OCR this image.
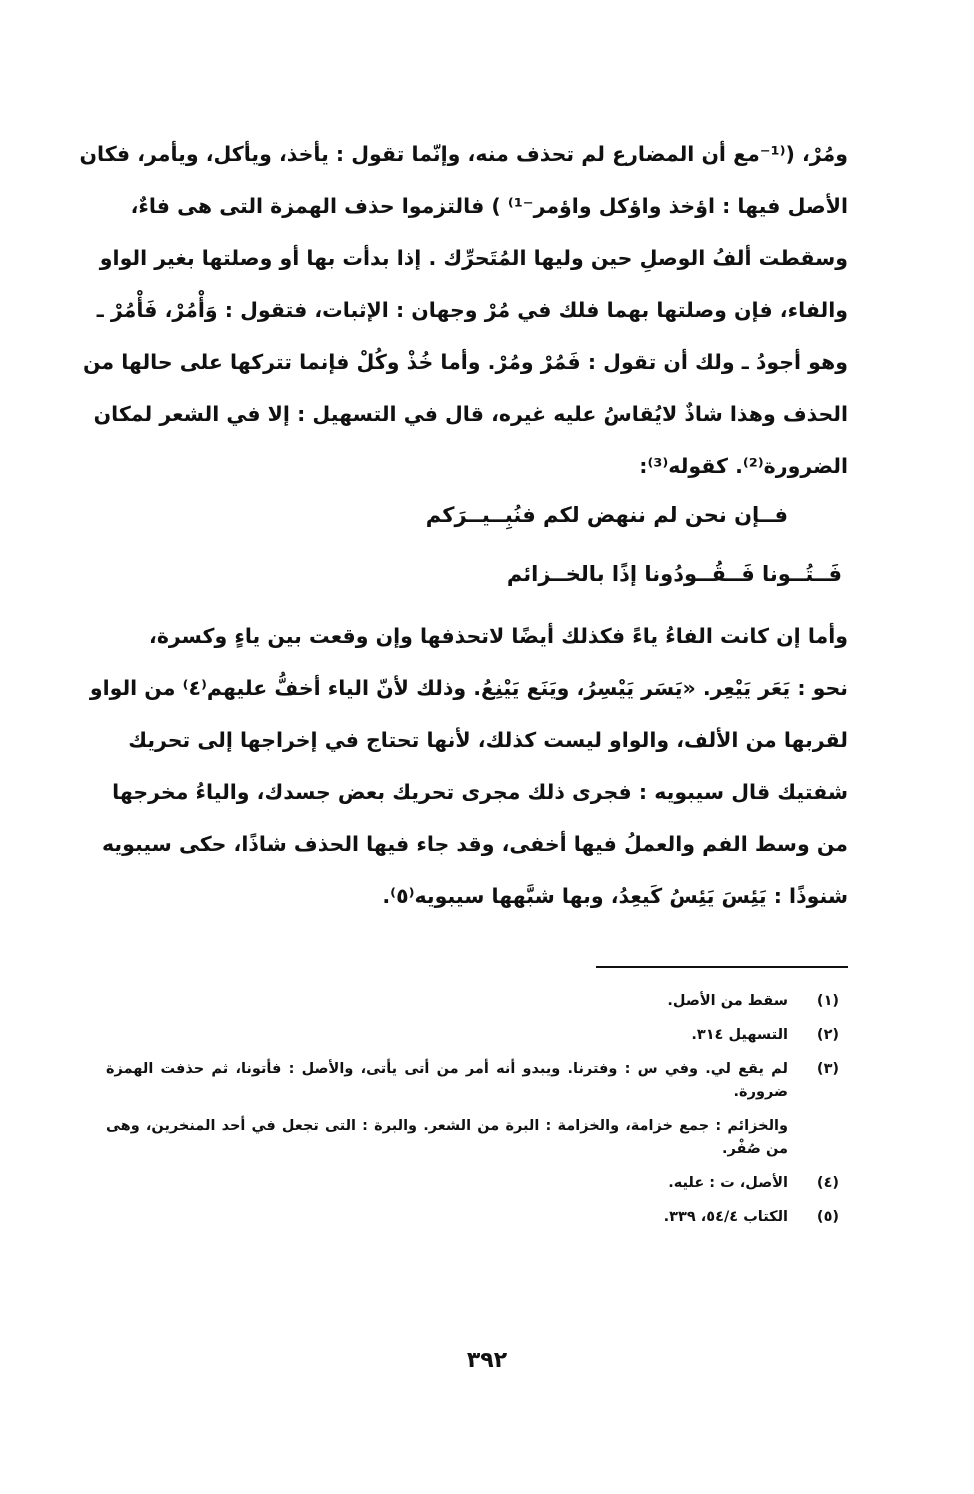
ومُرْ، (⁽¹⁻مع أن المضارع لم تحذف منه، وإنّما تقول : يأخذ، ويأكل، ويأمر، فكان
الأصل فيها : اؤخذ واؤكل واؤمر⁻¹⁾ ) فالتزموا حذف الهمزة التى هى فاءٌ،
وسقطت ألفُ الوصلِ حين وليها المُتَحرِّك . إذا بدأت بها أو وصلتها بغير الواو
والفاء، فإن وصلتها بهما فلك في مُرْ وجهان : الإثبات، فتقول : وَأْمُرْ، فَأْمُرْ ـ
وهو أجودُ ـ ولك أن تقول : فَمُرْ ومُرْ. وأما خُذْ وكُلْ فإنما تتركها على حالها من
الحذف وهذا شاذٌ لايُقاسُ عليه غيره، قال في التسهيل : إلا في الشعر لمكان
الضرورة⁽²⁾. كقوله⁽³⁾:
فــإن نحن لم ننهض لكم فنُبِــيــرَكم
فَــتُــونا فَــقُــودُونا إذًا بالخــزائم
وأما إن كانت الفاءُ ياءً فكذلك أيضًا لاتحذفها وإن وقعت بين ياءٍ وكسرة،
نحو : يَعَر يَيْعِر. «يَسَر يَيْسِرُ، ويَنَع يَيْنِعُ. وذلك لأنّ الياء أخفُّ عليهم⁽٤⁾ من الواو
لقربها من الألف، والواو ليست كذلك، لأنها تحتاج في إخراجها إلى تحريك
شفتيك قال سيبويه : فجرى ذلك مجرى تحريك بعض جسدك، والياءُ مخرجها
من وسط الفم والعملُ فيها أخفى، وقد جاء فيها الحذف شاذًا، حكى سيبويه
شنوذًا : يَئِسَ يَئِسُ كَيعِدُ، وبها شبَّهها سيبويه⁽٥⁾.
(١)
سقط من الأصل.
(٢)
التسهيل ٣١٤.
(٣)
لم يقع لي. وفي س : وفترنا. ويبدو أنه أمر من أتى يأتى، والأصل : فأتونا، ثم حذفت الهمزة ضرورة.
والخزائم : جمع خزامة، والخزامة : البرة من الشعر. والبرة : التى تجعل في أحد المنخرين، وهى من صُفْر.
(٤)
الأصل، ت : عليه.
(٥)
الكتاب ٥٤/٤، ٣٣٩.
٣٩٢
